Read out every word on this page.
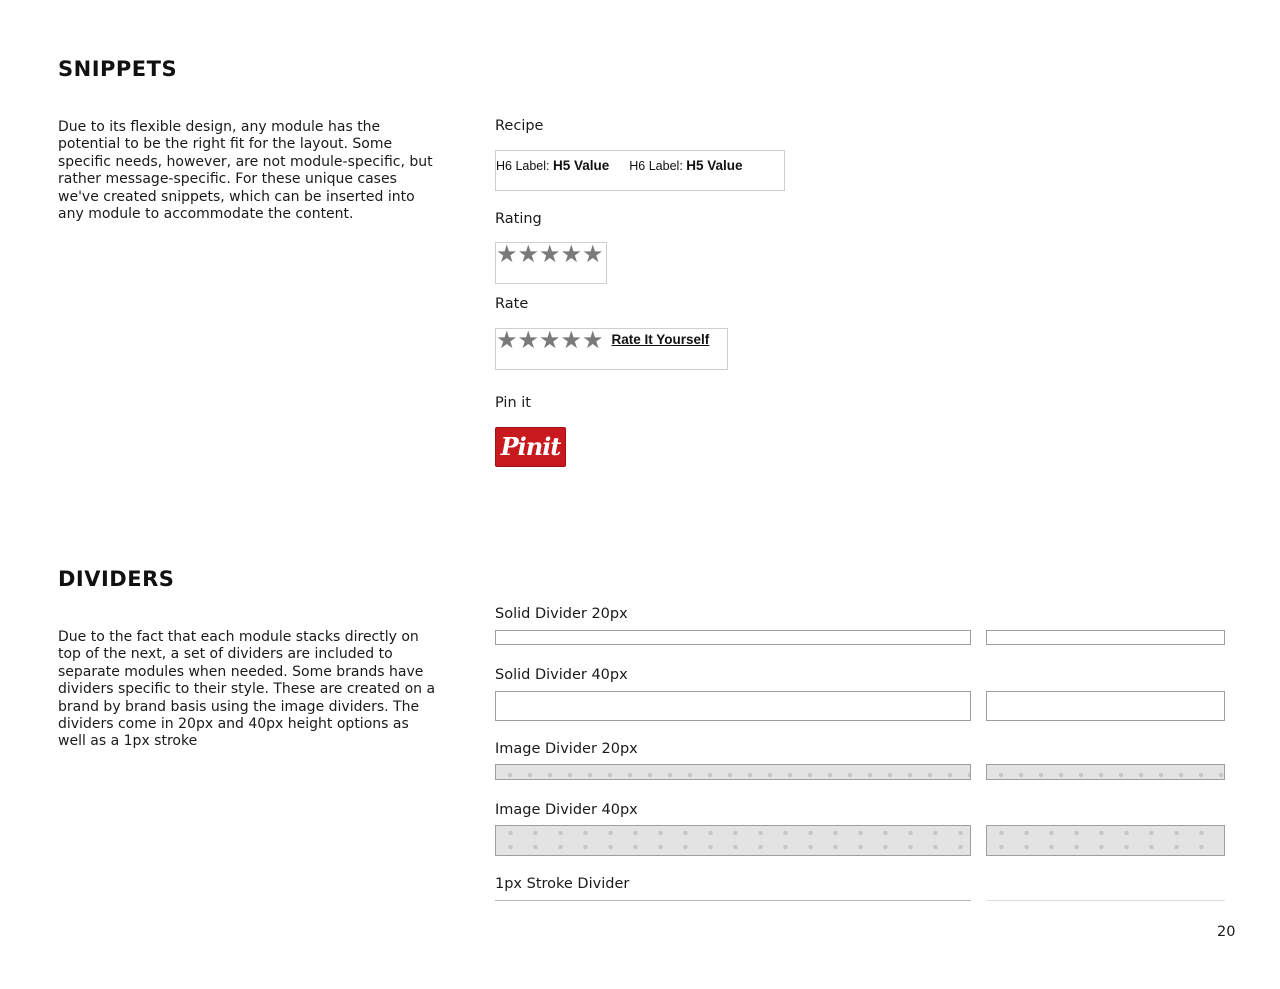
SNIPPETS

Due to its flexible design, any module has the potential to be the right fit for the layout. Some specific needs, however, are not module-specific, but rather message-specific. For these unique cases we've created snippets, which can be inserted into any module to accommodate the content.

Recipe
H6 Label: H5 Value H6 Label: H5 Value
Rating
★ ★ ★ ★ ★
Rate
★ ★ ★ ★ ★ Rate It Yourself
Pin it
Pinit
DIVIDERS

Due to the fact that each module stacks directly on top of the next, a set of dividers are included to separate modules when needed. Some brands have dividers specific to their style. These are created on a brand by brand basis using the image dividers. The dividers come in 20px and 40px height options as well as a 1px stroke

Solid Divider 20px
Solid Divider 40px
Image Divider 20px
Image Divider 40px
1px Stroke Divider
20
